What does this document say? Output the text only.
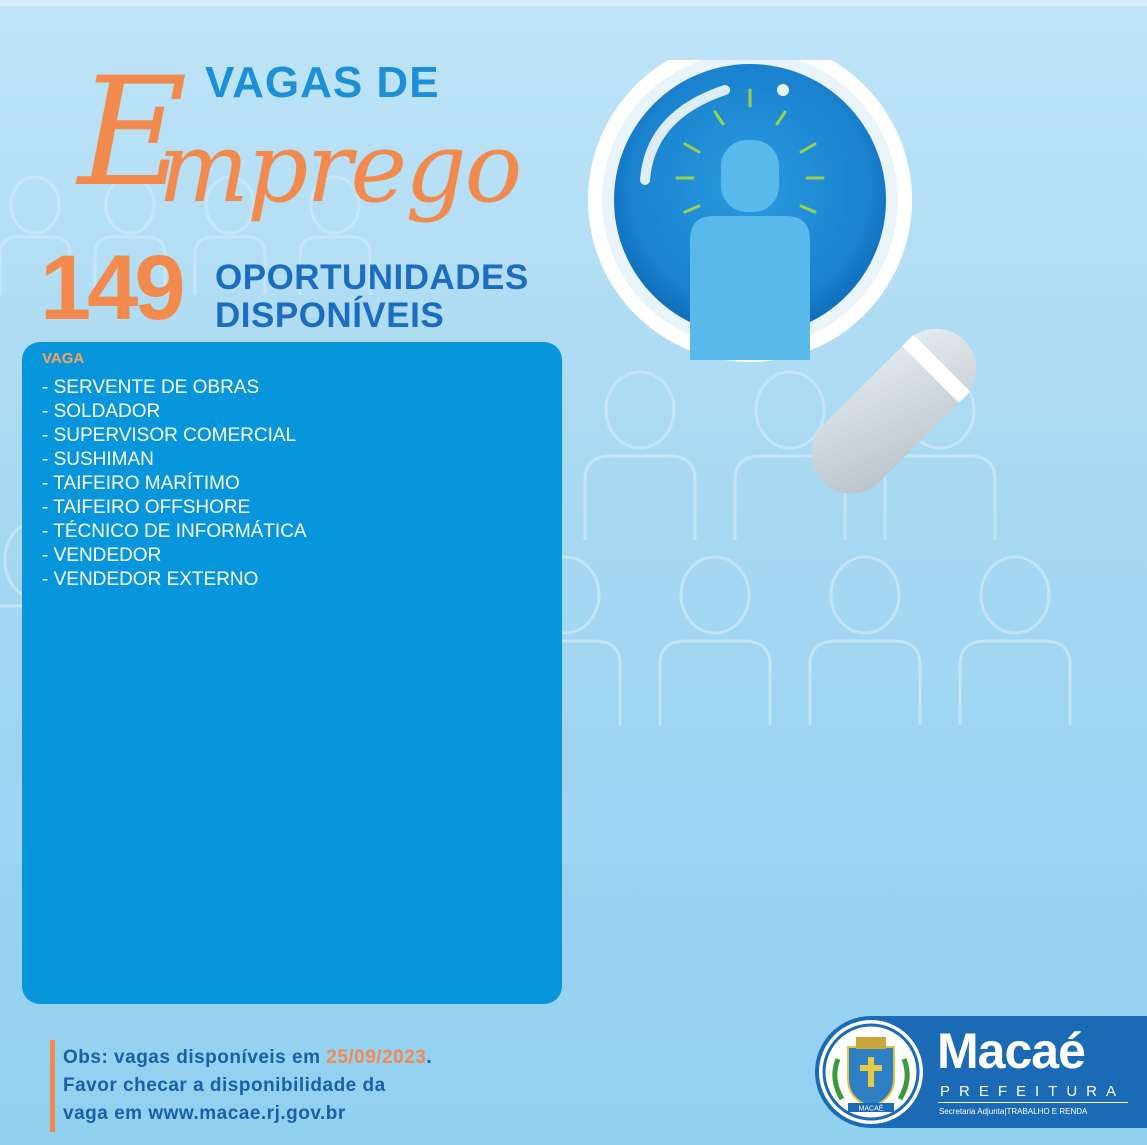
E
mprego
VAGAS DE
149 OPORTUNIDADES
DISPONÍVEIS
VAGA
- SERVENTE DE OBRAS
- SOLDADOR
- SUPERVISOR COMERCIAL
- SUSHIMAN
- TAIFEIRO MARÍTIMO
- TAIFEIRO OFFSHORE
- TÉCNICO DE INFORMÁTICA
- VENDEDOR
- VENDEDOR EXTERNO
Obs: vagas disponíveis em 25/09/2023.
Favor checar a disponibilidade da
vaga em www.macae.rj.gov.br	MACAÉ
Macaé
PREFEITURA
Secretaria Adjunta|TRABALHO E RENDA
